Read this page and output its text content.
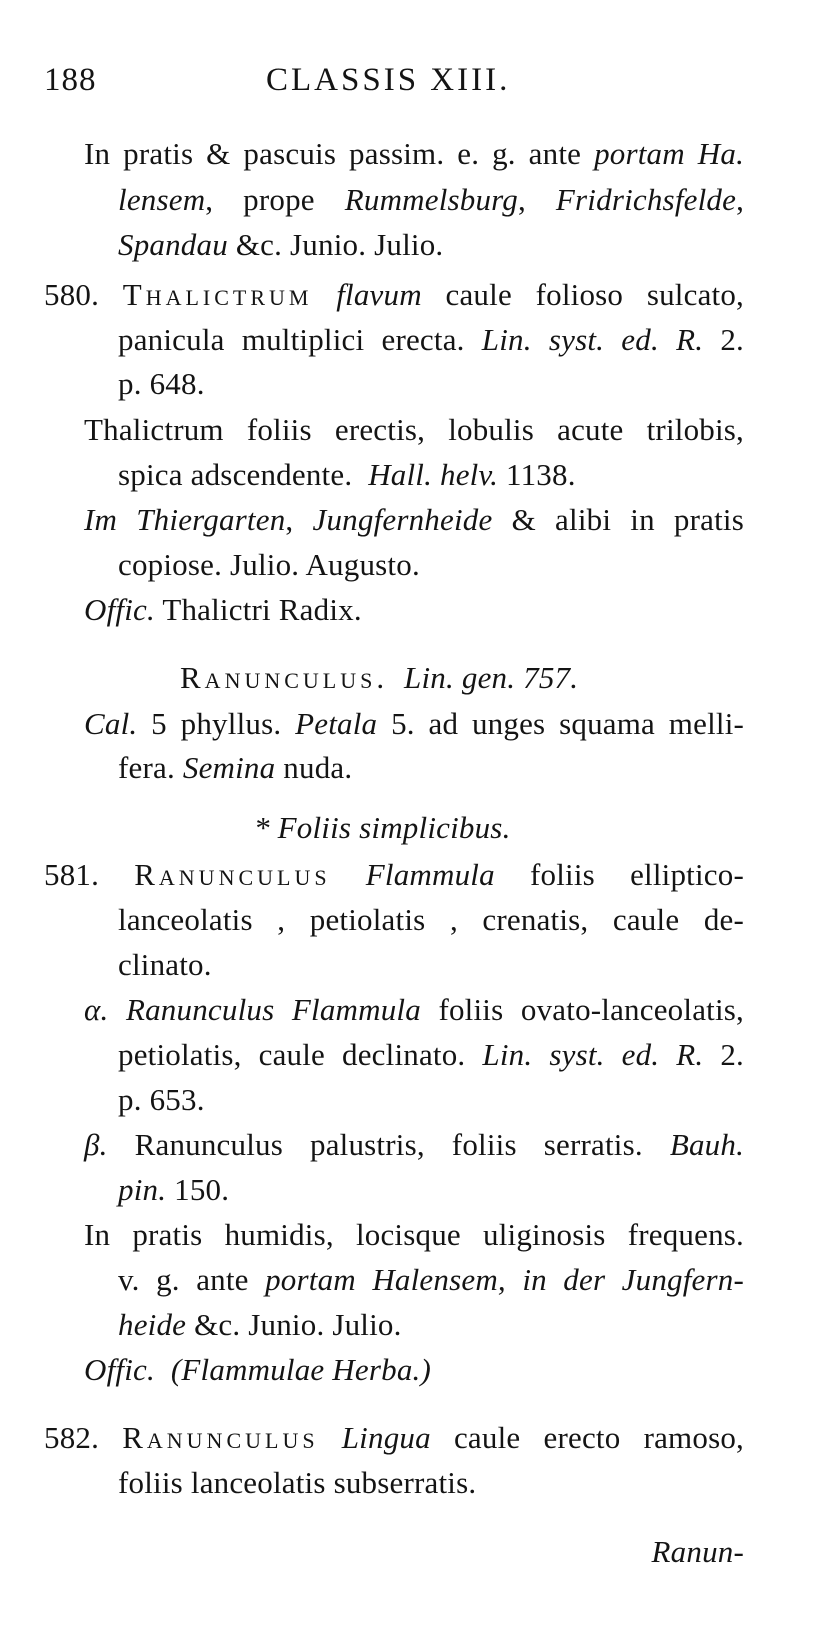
188	CLASSIS XIII.
In pratis & pascuis passim. e. g. ante portam Ha.
lensem, prope Rummelsburg, Fridrichsfelde,
Spandau &c. Junio. Julio.
580. Thalictrum flavum caule folioso sulcato,
panicula multiplici erecta. Lin. syst. ed. R. 2.
p. 648.
Thalictrum foliis erectis, lobulis acute trilobis,
spica adscendente. Hall. helv. 1138.
Im Thiergarten, Jungfernheide & alibi in pratis
copiose. Julio. Augusto.
Offic. Thalictri Radix.
Ranunculus. Lin. gen. 757.
Cal. 5 phyllus. Petala 5. ad unges squama melli-
fera. Semina nuda.
* Foliis simplicibus.
581. Ranunculus Flammula foliis elliptico-
lanceolatis , petiolatis , crenatis, caule de-
clinato.
α. Ranunculus Flammula foliis ovato-lanceolatis,
petiolatis, caule declinato. Lin. syst. ed. R. 2.
p. 653.
β. Ranunculus palustris, foliis serratis. Bauh.
pin. 150.
In pratis humidis, locisque uliginosis frequens.
v. g. ante portam Halensem, in der Jungfern-
heide &c. Junio. Julio.
Offic. (Flammulae Herba.)
582. Ranunculus Lingua caule erecto ramoso,
foliis lanceolatis subserratis.
Ranun-
